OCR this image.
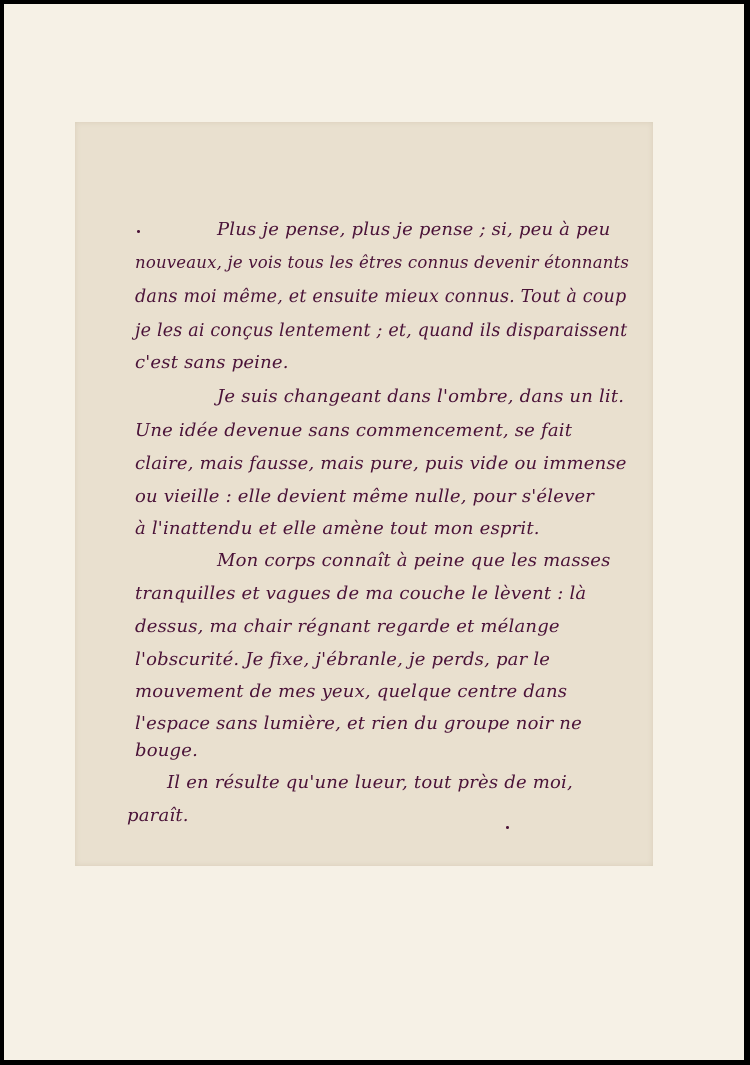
Plus je pense, plus je pense ; si, peu à peu
nouveaux, je vois tous les êtres connus devenir étonnants
dans moi même, et ensuite mieux connus. Tout à coup
je les ai conçus lentement ; et, quand ils disparaissent
c'est sans peine.
Je suis changeant dans l'ombre, dans un lit.
Une idée devenue sans commencement, se fait
claire, mais fausse, mais pure, puis vide ou immense
ou vieille : elle devient même nulle, pour s'élever
à l'inattendu et elle amène tout mon esprit.
Mon corps connaît à peine que les masses
tranquilles et vagues de ma couche le lèvent : là
dessus, ma chair régnant regarde et mélange
l'obscurité. Je fixe, j'ébranle, je perds, par le
mouvement de mes yeux, quelque centre dans
l'espace sans lumière, et rien du groupe noir ne
bouge.
Il en résulte qu'une lueur, tout près de moi,
paraît.
